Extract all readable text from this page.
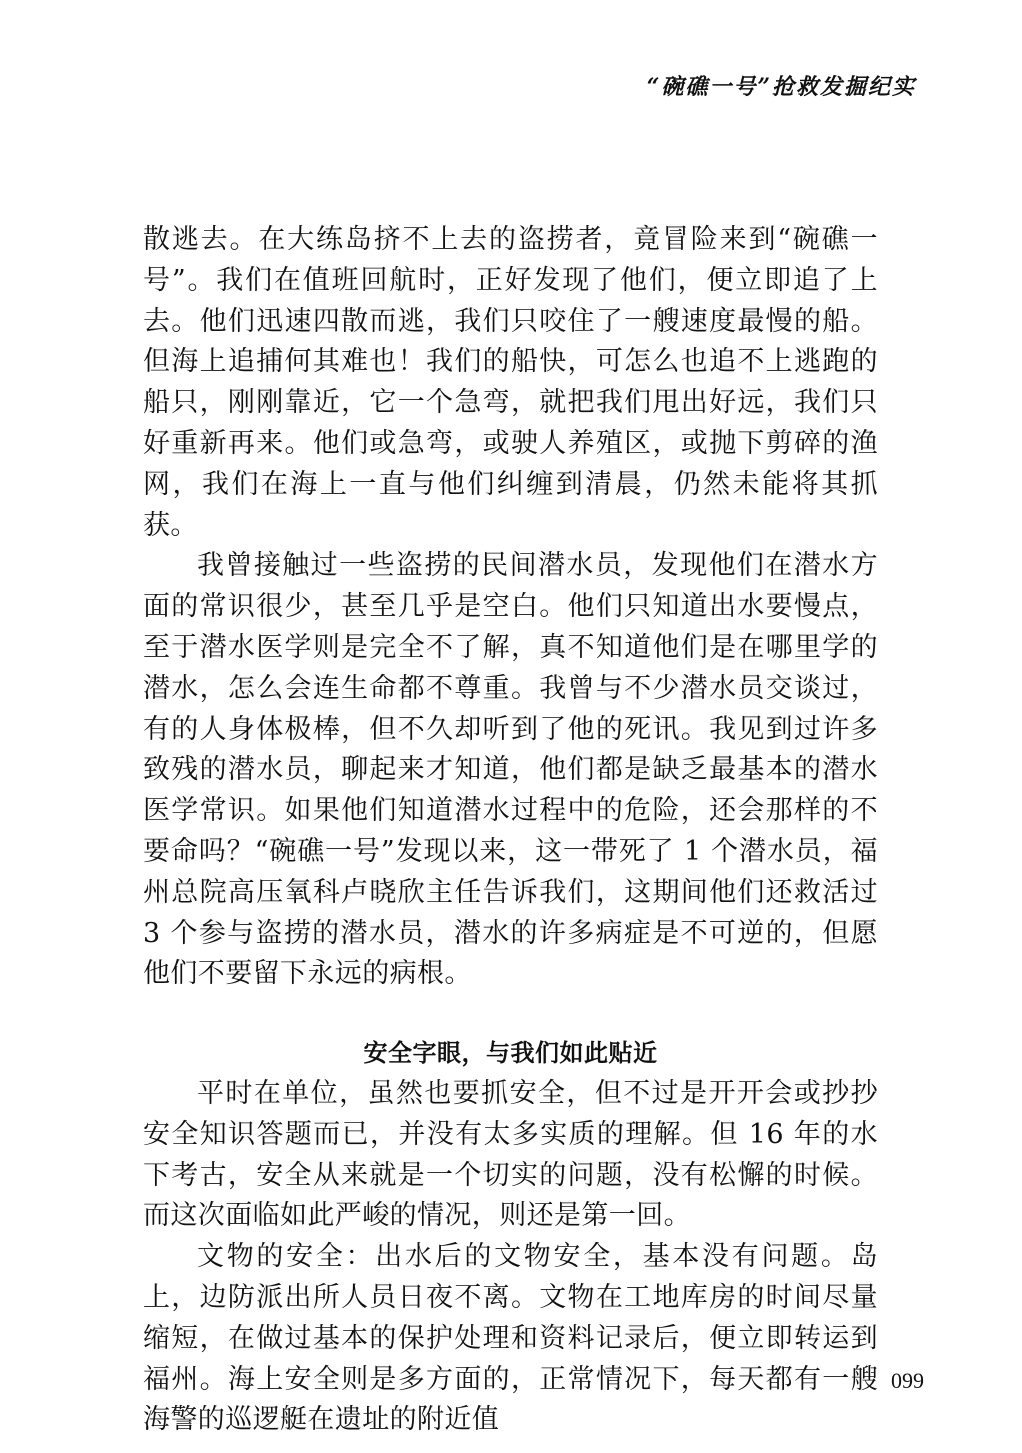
“碗礁一号”抢救发掘纪实

散逃去。在大练岛挤不上去的盗捞者，竟冒险来到“碗礁一号”。我们在值班回航时，正好发现了他们，便立即追了上去。他们迅速四散而逃，我们只咬住了一艘速度最慢的船。但海上追捕何其难也！我们的船快，可怎么也追不上逃跑的船只，刚刚靠近，它一个急弯，就把我们甩出好远，我们只好重新再来。他们或急弯，或驶人养殖区，或抛下剪碎的渔网，我们在海上一直与他们纠缠到清晨，仍然未能将其抓获。

我曾接触过一些盗捞的民间潜水员，发现他们在潜水方面的常识很少，甚至几乎是空白。他们只知道出水要慢点，至于潜水医学则是完全不了解，真不知道他们是在哪里学的潜水，怎么会连生命都不尊重。我曾与不少潜水员交谈过，有的人身体极棒，但不久却听到了他的死讯。我见到过许多致残的潜水员，聊起来才知道，他们都是缺乏最基本的潜水医学常识。如果他们知道潜水过程中的危险，还会那样的不要命吗？“碗礁一号”发现以来，这一带死了 1 个潜水员，福州总院高压氧科卢晓欣主任告诉我们，这期间他们还救活过 3 个参与盗捞的潜水员，潜水的许多病症是不可逆的，但愿他们不要留下永远的病根。

安全字眼，与我们如此贴近

平时在单位，虽然也要抓安全，但不过是开开会或抄抄安全知识答题而已，并没有太多实质的理解。但 16 年的水下考古，安全从来就是一个切实的问题，没有松懈的时候。而这次面临如此严峻的情况，则还是第一回。

文物的安全：出水后的文物安全，基本没有问题。岛上，边防派出所人员日夜不离。文物在工地库房的时间尽量缩短，在做过基本的保护处理和资料记录后，便立即转运到福州。海上安全则是多方面的，正常情况下，每天都有一艘海警的巡逻艇在遗址的附近值

099
